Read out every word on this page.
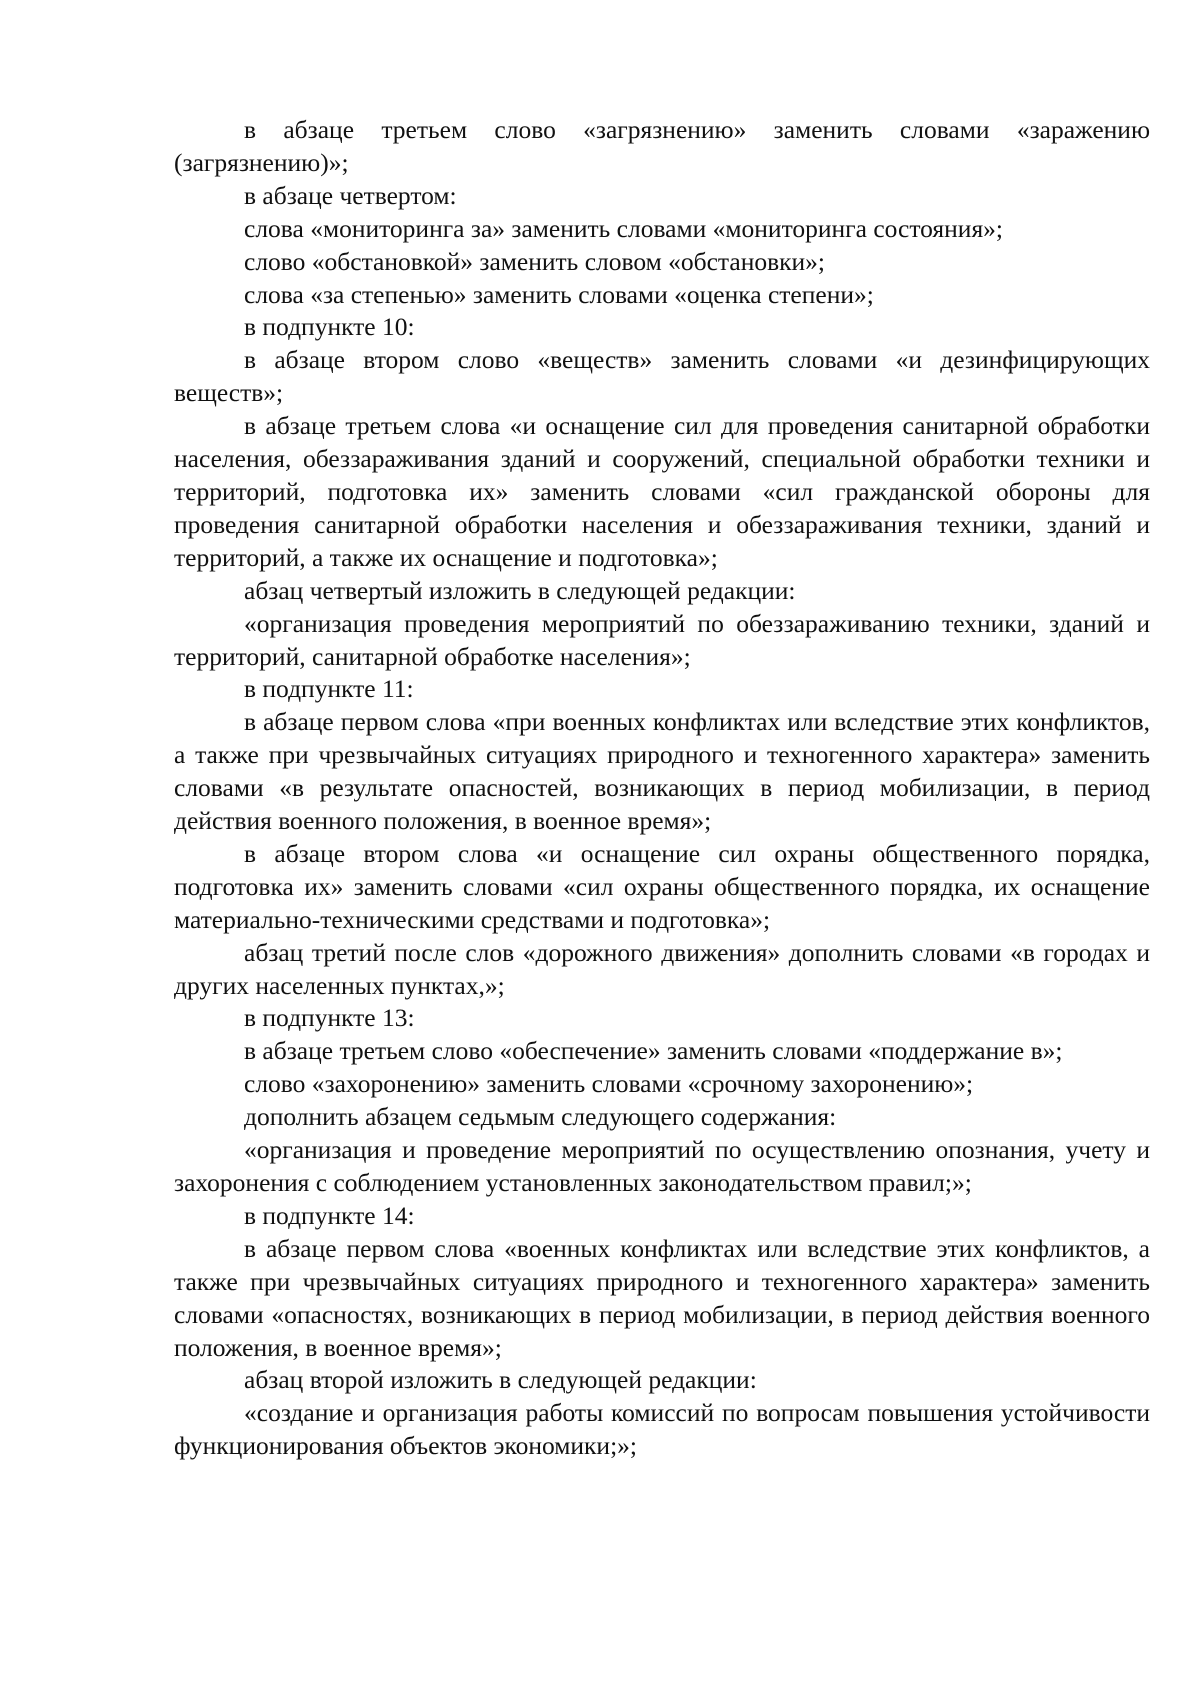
в абзаце третьем слово «загрязнению» заменить словами «заражению (загрязнению)»;

в абзаце четвертом:

слова «мониторинга за» заменить словами «мониторинга состояния»;

слово «обстановкой» заменить словом «обстановки»;

слова «за степенью» заменить словами «оценка степени»;

в подпункте 10:

в абзаце втором слово «веществ» заменить словами «и дезинфицирующих веществ»;

в абзаце третьем слова «и оснащение сил для проведения санитарной обработки населения, обеззараживания зданий и сооружений, специальной обработки техники и территорий, подготовка их» заменить словами «сил гражданской обороны для проведения санитарной обработки населения и обеззараживания техники, зданий и территорий, а также их оснащение и подготовка»;

абзац четвертый изложить в следующей редакции:

«организация проведения мероприятий по обеззараживанию техники, зданий и территорий, санитарной обработке населения»;

в подпункте 11:

в абзаце первом слова «при военных конфликтах или вследствие этих конфликтов, а также при чрезвычайных ситуациях природного и техногенного характера» заменить словами «в результате опасностей, возникающих в период мобилизации, в период действия военного положения, в военное время»;

в абзаце втором слова «и оснащение сил охраны общественного порядка, подготовка их» заменить словами «сил охраны общественного порядка, их оснащение материально-техническими средствами и подготовка»;

абзац третий после слов «дорожного движения» дополнить словами «в городах и других населенных пунктах,»;

в подпункте 13:

в абзаце третьем слово «обеспечение» заменить словами «поддержание в»;

слово «захоронению» заменить словами «срочному захоронению»;

дополнить абзацем седьмым следующего содержания:

«организация и проведение мероприятий по осуществлению опознания, учету и захоронения с соблюдением установленных законодательством правил;»;

в подпункте 14:

в абзаце первом слова «военных конфликтах или вследствие этих конфликтов, а также при чрезвычайных ситуациях природного и техногенного характера» заменить словами «опасностях, возникающих в период мобилизации, в период действия военного положения, в военное время»;

абзац второй изложить в следующей редакции:

«создание и организация работы комиссий по вопросам повышения устойчивости функционирования объектов экономики;»;
